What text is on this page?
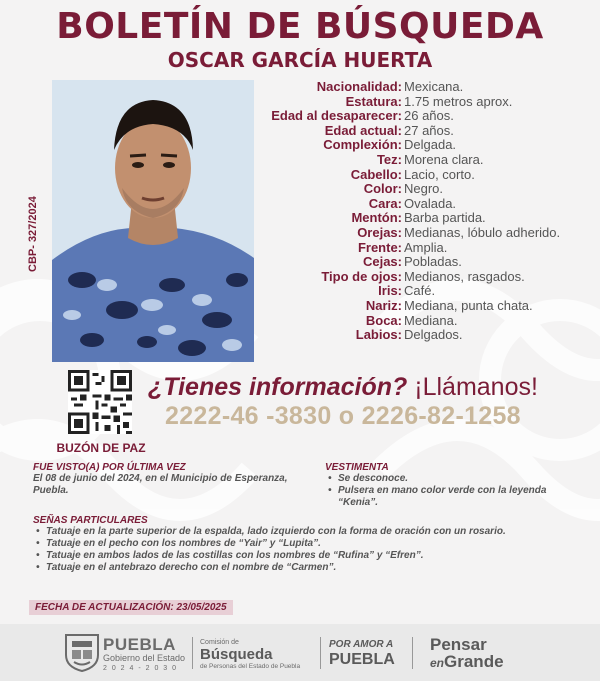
BOLETÍN DE BÚSQUEDA
OSCAR GARCÍA HUERTA
CBP- 327/2024
Nacionalidad: Mexicana.
Estatura: 1.75 metros aprox.
Edad al desaparecer: 26 años.
Edad actual: 27 años.
Complexión: Delgada.
Tez: Morena clara.
Cabello: Lacio, corto.
Color: Negro.
Cara: Ovalada.
Mentón: Barba partida.
Orejas: Medianas, lóbulo adherido.
Frente: Amplia.
Cejas: Pobladas.
Tipo de ojos: Medianos, rasgados.
Iris: Café.
Nariz: Mediana, punta chata.
Boca: Mediana.
Labios: Delgados.
BUZÓN DE PAZ
¿Tienes información? ¡Llámanos!
2222-46 -3830 o 2226-82-1258
FUE VISTO(A) POR ÚLTIMA VEZ
El 08 de junio del 2024, en el Municipio de Esperanza, Puebla.
VESTIMENTA
• Se desconoce.
• Pulsera en mano color verde con la leyenda “Kenia”.
SEÑAS PARTICULARES
• Tatuaje en la parte superior de la espalda, lado izquierdo con la forma de oración con un rosario.
• Tatuaje en el pecho con los nombres de “Yair” y “Lupita”.
• Tatuaje en ambos lados de las costillas con los nombres de “Rufina” y “Efren”.
• Tatuaje en el antebrazo derecho con el nombre de “Carmen”.
FECHA DE ACTUALIZACIÓN: 23/05/2025
PUEBLA
Gobierno del Estado
2 0 2 4 - 2 0 3 0
Comisión de
Búsqueda
de Personas del Estado de Puebla
POR AMOR A
PUEBLA
Pensar
enGrande
